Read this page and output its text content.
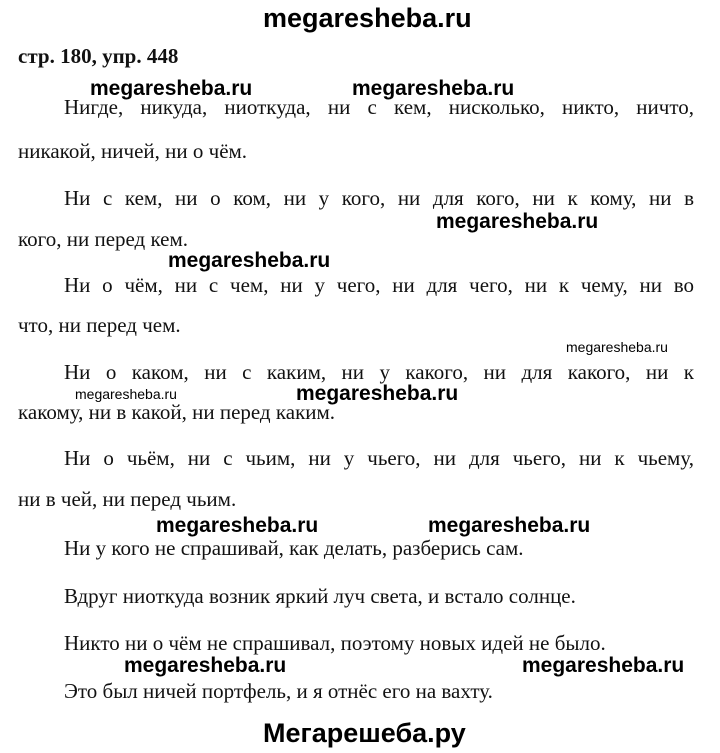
megaresheba.ru
стр. 180, упр. 448
megaresheba.ru	megaresheba.ru
megaresheba.ru
megaresheba.ru
megaresheba.ru
megaresheba.ru	megaresheba.ru
megaresheba.ru	megaresheba.ru
megaresheba.ru	megaresheba.ru
Нигде, никуда, ниоткуда, ни с кем, нисколько, никто, ничто,
никакой, ничей, ни о чём.
Ни с кем, ни о ком, ни у кого, ни для кого, ни к кому, ни в
кого, ни перед кем.
Ни о чём, ни с чем, ни у чего, ни для чего, ни к чему, ни во
что, ни перед чем.
Ни о каком, ни с каким, ни у какого, ни для какого, ни к
какому, ни в какой, ни перед каким.
Ни о чьём, ни с чьим, ни у чьего, ни для чьего, ни к чьему,
ни в чей, ни перед чьим.
Ни у кого не спрашивай, как делать, разберись сам.
Вдруг ниоткуда возник яркий луч света, и встало солнце.
Никто ни о чём не спрашивал, поэтому новых идей не было.
Это был ничей портфель, и я отнёс его на вахту.
Мегарешеба.ру
